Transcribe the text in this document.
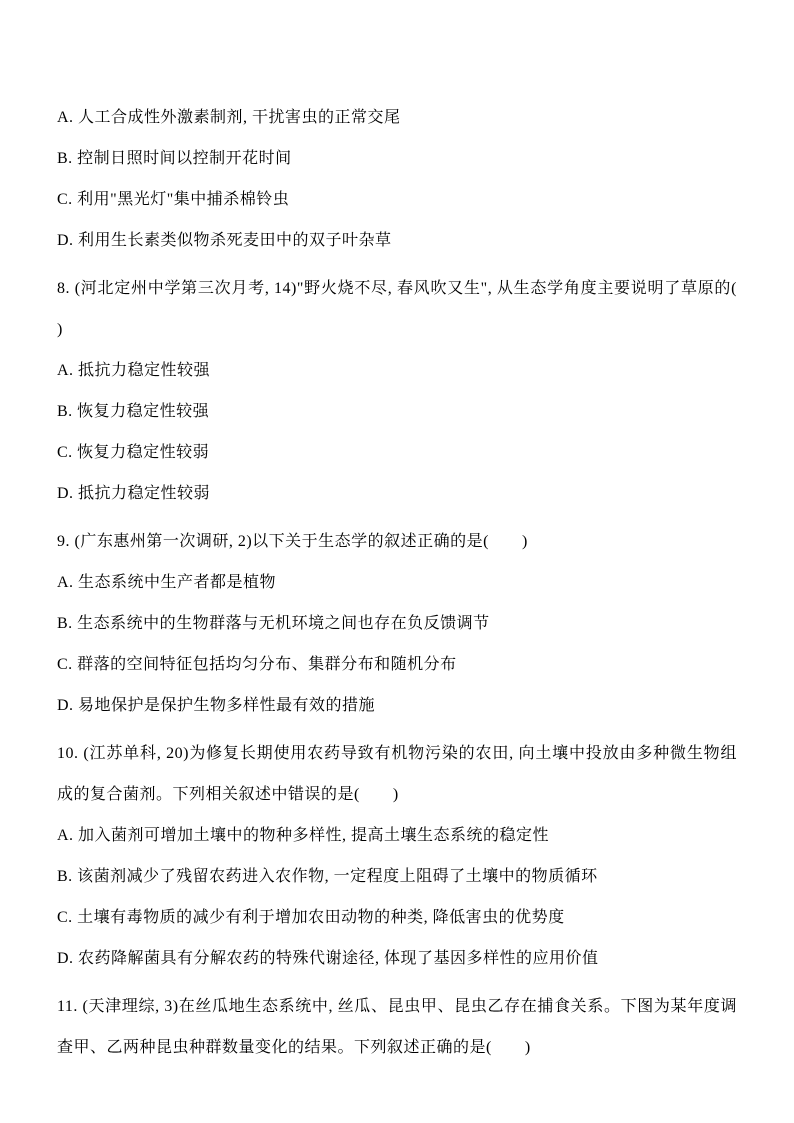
A. 人工合成性外激素制剂, 干扰害虫的正常交尾

B. 控制日照时间以控制开花时间

C. 利用"黑光灯"集中捕杀棉铃虫

D. 利用生长素类似物杀死麦田中的双子叶杂草

8. (河北定州中学第三次月考, 14)"野火烧不尽, 春风吹又生", 从生态学角度主要说明了草原的(　　)

A. 抵抗力稳定性较强

B. 恢复力稳定性较强

C. 恢复力稳定性较弱

D. 抵抗力稳定性较弱

9. (广东惠州第一次调研, 2)以下关于生态学的叙述正确的是(　　)

A. 生态系统中生产者都是植物

B. 生态系统中的生物群落与无机环境之间也存在负反馈调节

C. 群落的空间特征包括均匀分布、集群分布和随机分布

D. 易地保护是保护生物多样性最有效的措施

10. (江苏单科, 20)为修复长期使用农药导致有机物污染的农田, 向土壤中投放由多种微生物组成的复合菌剂。下列相关叙述中错误的是(　　)

A. 加入菌剂可增加土壤中的物种多样性, 提高土壤生态系统的稳定性

B. 该菌剂减少了残留农药进入农作物, 一定程度上阻碍了土壤中的物质循环

C. 土壤有毒物质的减少有利于增加农田动物的种类, 降低害虫的优势度

D. 农药降解菌具有分解农药的特殊代谢途径, 体现了基因多样性的应用价值

11. (天津理综, 3)在丝瓜地生态系统中, 丝瓜、昆虫甲、昆虫乙存在捕食关系。下图为某年度调查甲、乙两种昆虫种群数量变化的结果。下列叙述正确的是(　　)
